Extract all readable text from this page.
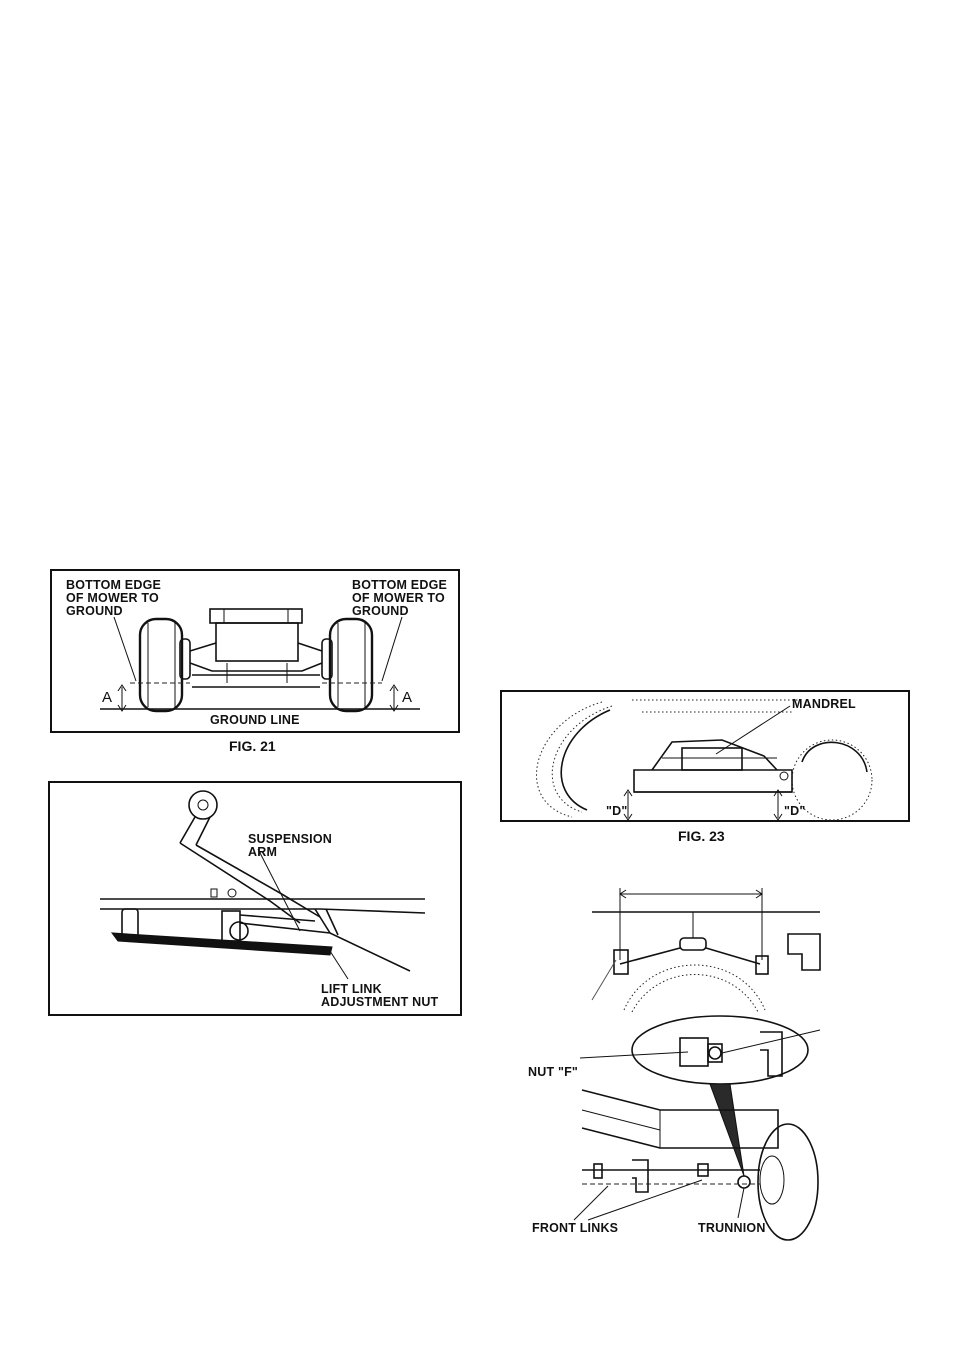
BOTTOM EDGE
OF MOWER TO
GROUND
BOTTOM EDGE
OF MOWER TO
GROUND
A	A
GROUND LINE
FIG. 21
SUSPENSION
ARM
LIFT LINK
ADJUSTMENT NUT
MANDREL
"D"	"D"
FIG. 23
NUT "F"
FRONT LINKS	TRUNNION
